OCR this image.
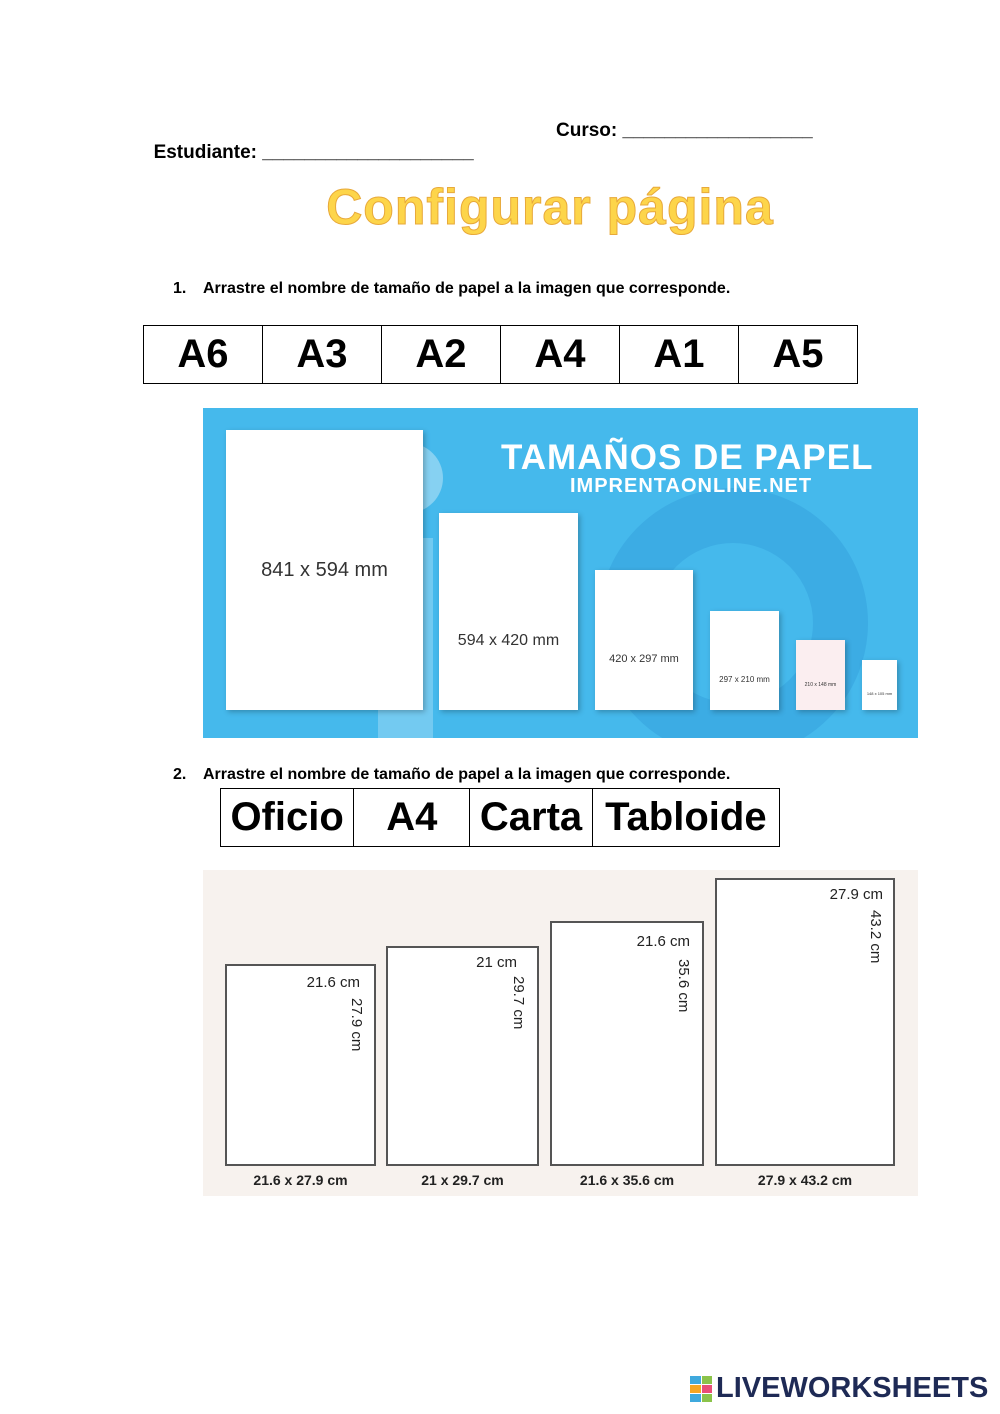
Estudiante: ____________________

Curso: __________________

Configurar página
1. Arrastre el nombre de tamaño de papel a la imagen que corresponde.
A6	A3	A2	A4	A1	A5
TAMAÑOS DE PAPEL
IMPRENTAONLINE.NET
841 x 594 mm
594 x 420 mm
420 x 297 mm
297 x 210 mm
210 x 148 mm
148 x 105 mm
2. Arrastre el nombre de tamaño de papel a la imagen que corresponde.
Oficio	A4	Carta	Tabloide
21.6 cm
27.9 cm
21.6 x 27.9 cm
21 cm
29.7 cm
21 x 29.7 cm
21.6 cm
35.6 cm
21.6 x 35.6 cm
27.9 cm
43.2 cm
27.9 x 43.2 cm
LIVEWORKSHEETS
